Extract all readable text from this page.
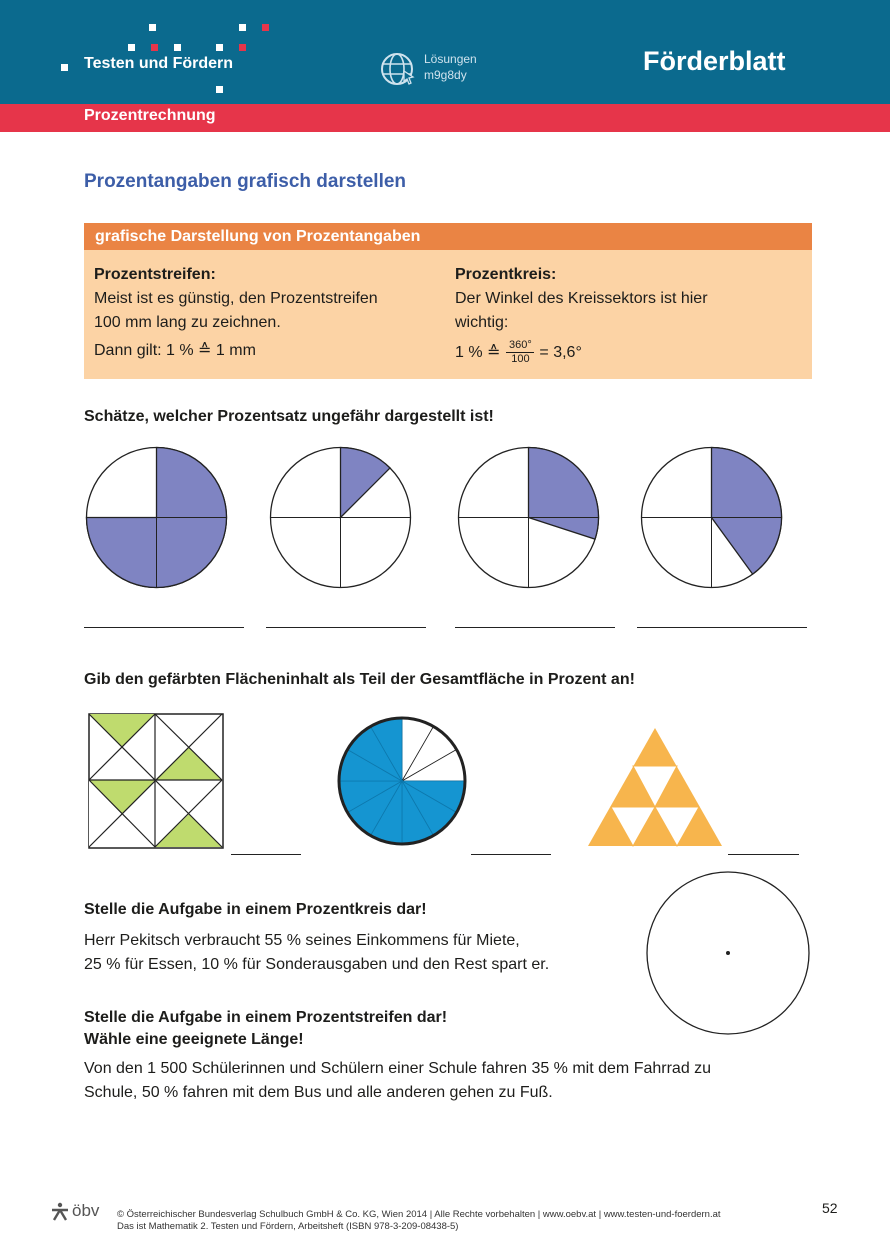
Testen und Fördern	Lösungen
m9g8dy	Förderblatt
Prozentrechnung
Prozentangaben grafisch darstellen
grafische Darstellung von Prozentangaben
Prozentstreifen:
Meist ist es günstig, den Prozentstreifen
100 mm lang zu zeichnen.
Dann gilt: 1 % ≙ 1 mm
Prozentkreis:
Der Winkel des Kreissektors ist hier
wichtig:
1 % ≙ 360°
100 = 3,6°
Schätze, welcher Prozentsatz ungefähr dargestellt ist!
Gib den gefärbten Flächeninhalt als Teil der Gesamtfläche in Prozent an!
Stelle die Aufgabe in einem Prozentkreis dar!
Herr Pekitsch verbraucht 55 % seines Einkommens für Miete,
25 % für Essen, 10 % für Sonderausgaben und den Rest spart er.
Stelle die Aufgabe in einem Prozentstreifen dar!
Wähle eine geeignete Länge!
Von den 1 500 Schülerinnen und Schülern einer Schule fahren 35 % mit dem Fahrrad zu
Schule, 50 % fahren mit dem Bus und alle anderen gehen zu Fuß.
öbv © Österreichischer Bundesverlag Schulbuch GmbH & Co. KG, Wien 2014 | Alle Rechte vorbehalten | www.oebv.at | www.testen-und-foerdern.at
Das ist Mathematik 2. Testen und Fördern, Arbeitsheft (ISBN 978-3-209-08438-5)
52
